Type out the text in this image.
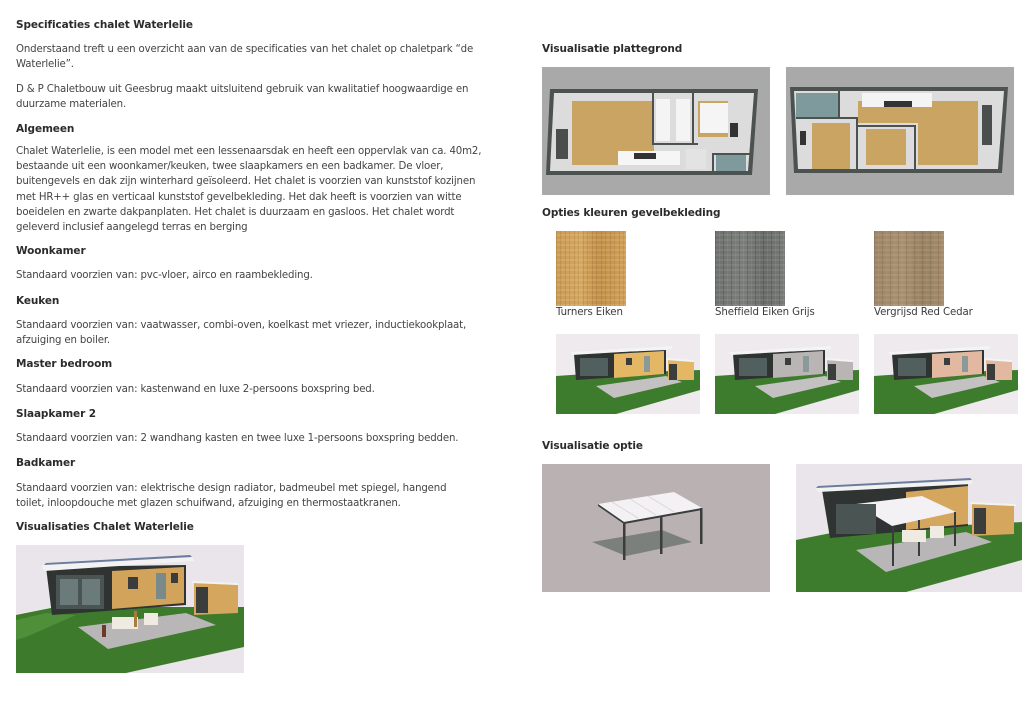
Specificaties chalet Waterlelie
Onderstaand treft u een overzicht aan van de specificaties van het chalet op chaletpark “de Waterlelie”.
D & P Chaletbouw uit Geesbrug maakt uitsluitend gebruik van kwalitatief hoogwaardige en duurzame materialen.
Algemeen
Chalet Waterlelie, is een model met een lessenaarsdak en heeft een oppervlak van ca. 40m2, bestaande uit een woonkamer/keuken, twee slaapkamers en een badkamer. De vloer, buitengevels en dak zijn winterhard geïsoleerd. Het chalet is voorzien van kunststof kozijnen met HR++ glas en verticaal kunststof gevelbekleding. Het dak heeft is voorzien van witte boeidelen en zwarte dakpanplaten. Het chalet is duurzaam en gasloos. Het chalet wordt geleverd inclusief aangelegd terras en berging
Woonkamer
Standaard voorzien van: pvc-vloer, airco en raambekleding.
Keuken
Standaard voorzien van: vaatwasser, combi-oven, koelkast met vriezer, inductiekookplaat, afzuiging en boiler.
Master bedroom
Standaard voorzien van: kastenwand en luxe 2-persoons boxspring bed.
Slaapkamer 2
Standaard voorzien van: 2 wandhang kasten en twee luxe 1-persoons boxspring bedden.
Badkamer
Standaard voorzien van: elektrische design radiator, badmeubel met spiegel, hangend toilet, inloopdouche met glazen schuifwand, afzuiging en thermostaatkranen.
Visualisaties Chalet Waterlelie
Visualisatie plattegrond
Opties kleuren gevelbekleding
Turners Eiken	Sheffield Eiken Grijs	Vergrijsd Red Cedar
Visualisatie optie
